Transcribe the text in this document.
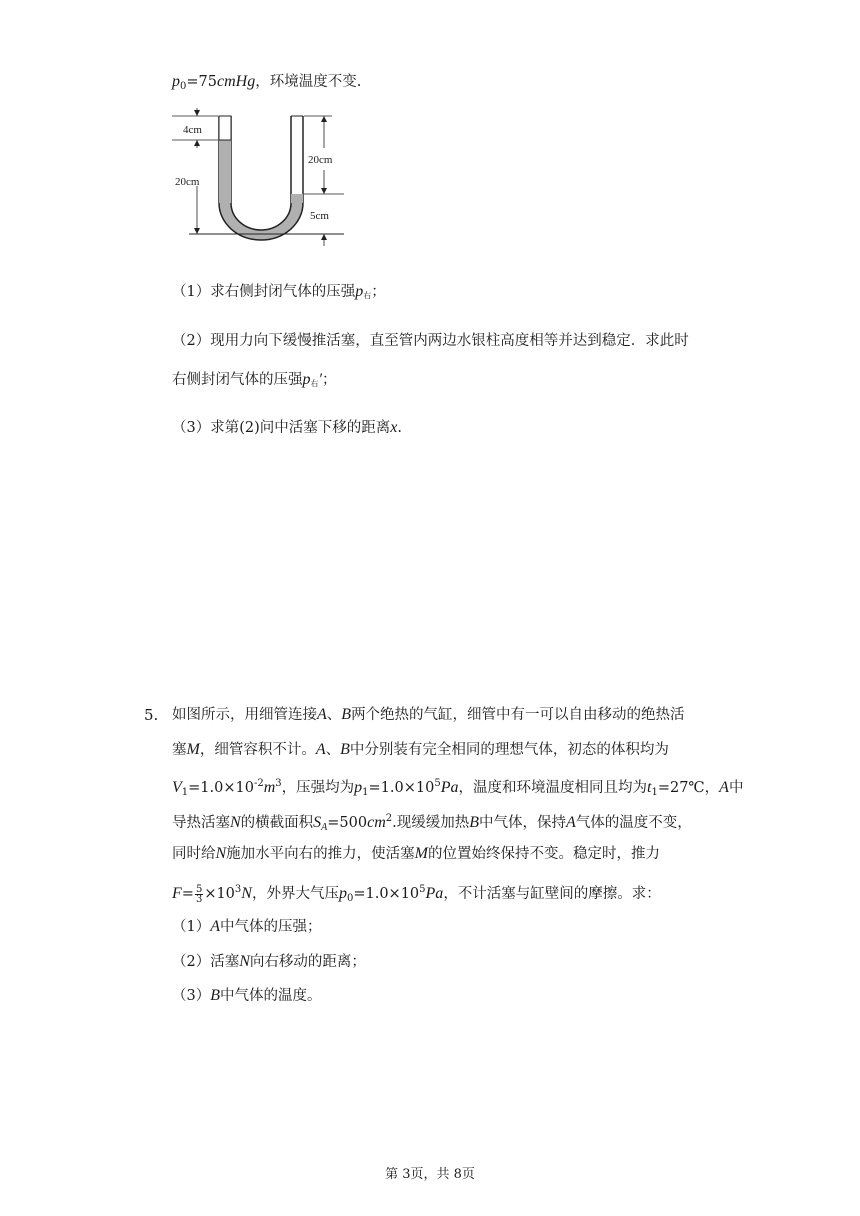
$p_0=75cmHg$，环境温度不变.
4cm
20cm
20cm
5cm
（1）求右侧封闭气体的压强p右；
（2）现用力向下缓慢推活塞，直至管内两边水银柱高度相等并达到稳定．求此时
右侧封闭气体的压强p右′；
（3）求第(2)问中活塞下移的距离x.
5. 如图所示，用细管连接A、B两个绝热的气缸，细管中有一可以自由移动的绝热活
塞M，细管容积不计。A、B中分别装有完全相同的理想气体，初态的体积均为
$V_1=1.0\times 10^{-2}m^3$，压强均为$p_1=1.0\times 10^5Pa$，温度和环境温度相同且均为$t_1=27℃$，A中
导热活塞N的横截面积$S_A=500cm^2$.现缓缓加热B中气体，保持A气体的温度不变，
同时给N施加水平向右的推力，使活塞M的位置始终保持不变。稳定时，推力
$F= \frac{5}{3} \times 10^3N$，外界大气压$p_0=1.0\times 10^5Pa$，不计活塞与缸壁间的摩擦。求：
（1）A中气体的压强；
（2）活塞N向右移动的距离；
（3）B中气体的温度。
第 3页，共 8页
